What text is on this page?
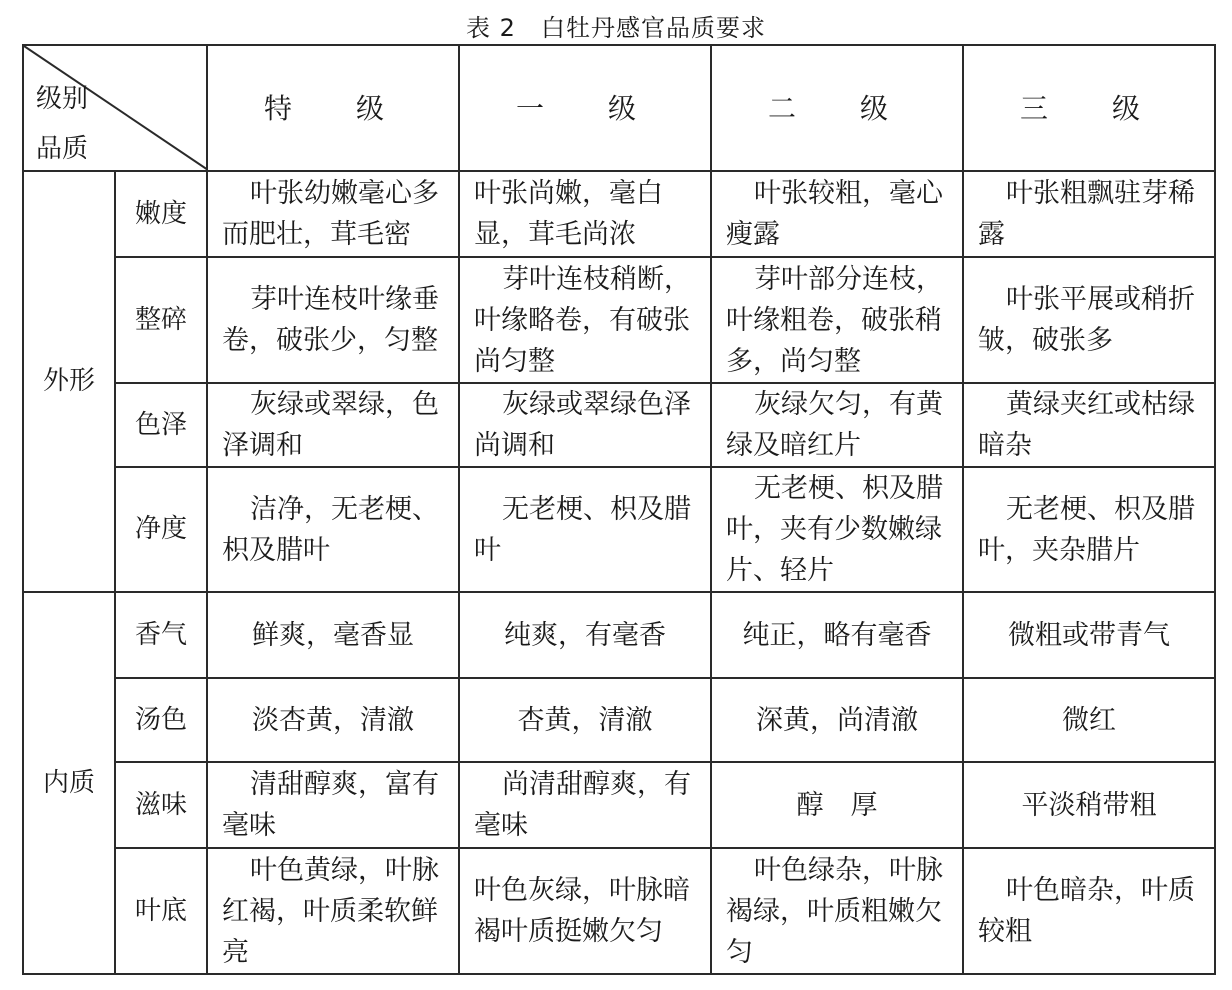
表 2　白牡丹感官品质要求
级别
品质		特　级	一　级	二　级	三　级
外形	嫩度	叶张幼嫩毫心多而肥壮，茸毛密	叶张尚嫩，毫白显，茸毛尚浓	叶张较粗，毫心瘦露	叶张粗飘驻芽稀露
	整碎	芽叶连枝叶缘垂卷，破张少，匀整	芽叶连枝稍断，叶缘略卷，有破张尚匀整	芽叶部分连枝，叶缘粗卷，破张稍多，尚匀整	叶张平展或稍折皱，破张多
	色泽	灰绿或翠绿，色泽调和	灰绿或翠绿色泽尚调和	灰绿欠匀，有黄绿及暗红片	黄绿夹红或枯绿暗杂
	净度	洁净，无老梗、枳及腊叶	无老梗、枳及腊叶	无老梗、枳及腊叶，夹有少数嫩绿片、轻片	无老梗、枳及腊叶，夹杂腊片
内质	香气	鲜爽，毫香显	纯爽，有毫香	纯正，略有毫香	微粗或带青气
	汤色	淡杏黄，清澈	杏黄，清澈	深黄，尚清澈	微红
	滋味	清甜醇爽，富有毫味	尚清甜醇爽，有毫味	醇　厚	平淡稍带粗
	叶底	叶色黄绿，叶脉红褐，叶质柔软鲜亮	叶色灰绿，叶脉暗褐叶质挺嫩欠匀	叶色绿杂，叶脉褐绿，叶质粗嫩欠匀	叶色暗杂，叶质较粗
